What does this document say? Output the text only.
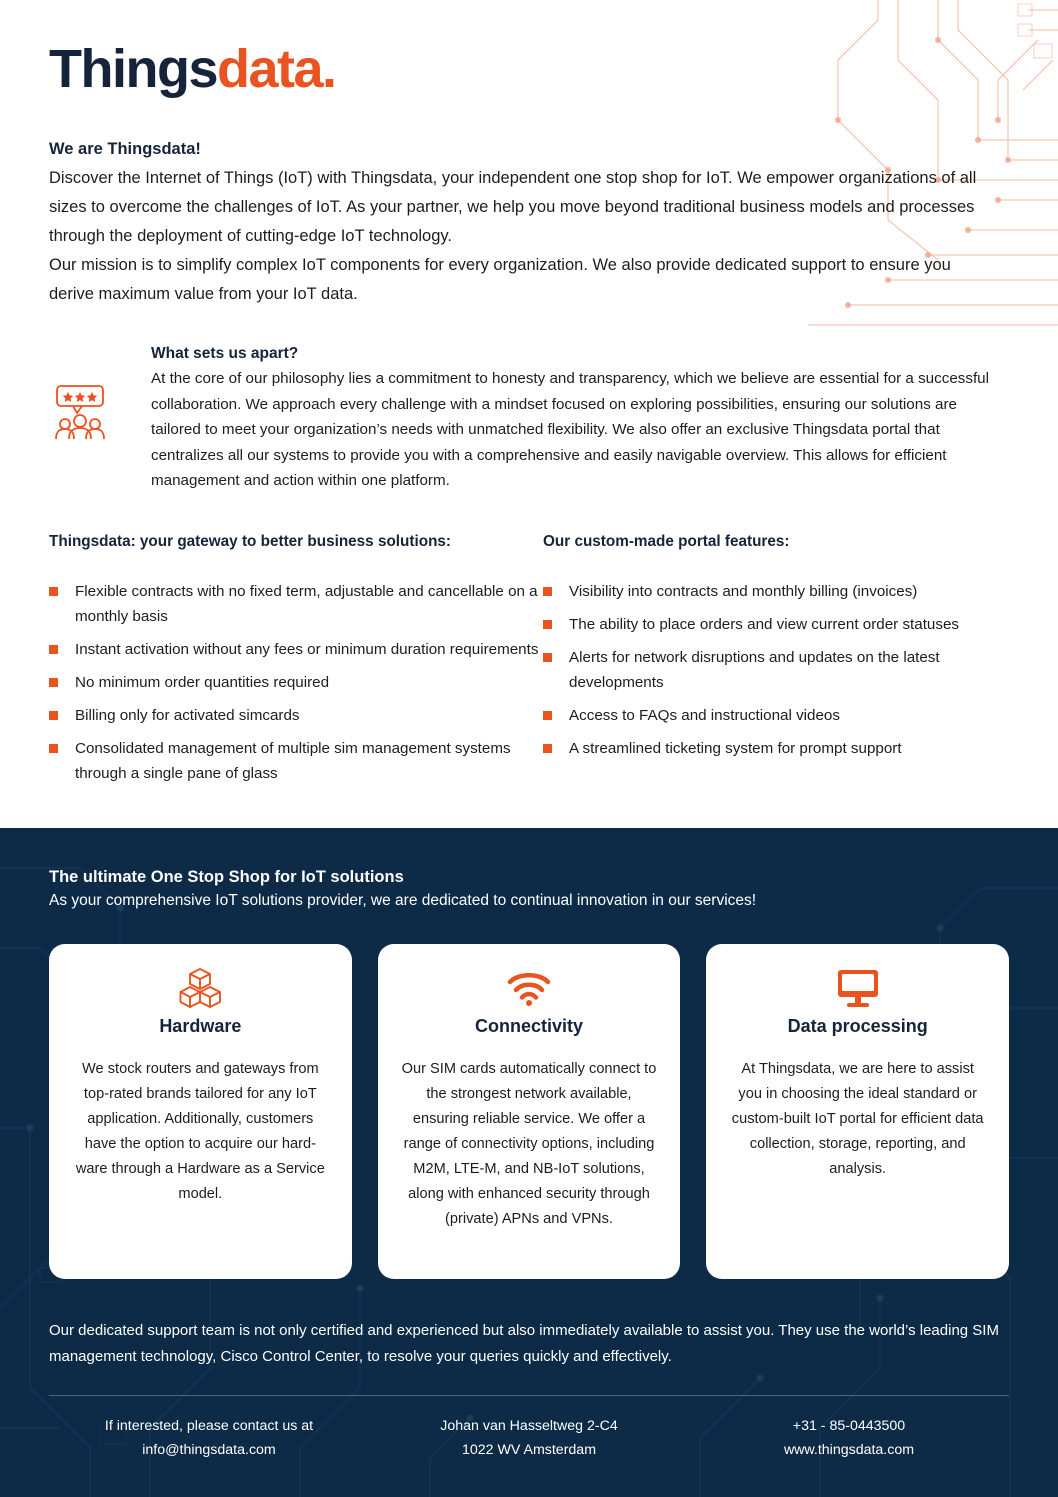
Thingsdata.
We are Thingsdata!

Discover the Internet of Things (IoT) with Thingsdata, your independent one stop shop for IoT. We empower organizations of all sizes to overcome the challenges of IoT. As your partner, we help you move beyond traditional business models and processes through the deployment of cutting-edge IoT technology.

Our mission is to simplify complex IoT components for every organization. We also provide dedicated support to ensure you derive maximum value from your IoT data.

What sets us apart?

At the core of our philosophy lies a commitment to honesty and transparency, which we believe are essential for a successful collaboration. We approach every challenge with a mindset focused on exploring possibilities, ensuring our solutions are tailored to meet your organization’s needs with unmatched flexibility. We also offer an exclusive Thingsdata portal that centralizes all our systems to provide you with a comprehensive and easily navigable overview. This allows for efficient management and action within one platform.

Thingsdata: your gateway to better business solutions:
Flexible contracts with no fixed term, adjustable and cancellable on a monthly basis
Instant activation without any fees or minimum duration requirements
No minimum order quantities required
Billing only for activated simcards
Consolidated management of multiple sim management systems through a single pane of glass
Our custom-made portal features:
Visibility into contracts and monthly billing (invoices)
The ability to place orders and view current order statuses
Alerts for network disruptions and updates on the latest developments
Access to FAQs and instructional videos
A streamlined ticketing system for prompt support
The ultimate One Stop Shop for IoT solutions
As your comprehensive IoT solutions provider, we are dedicated to continual innovation in our services!
Hardware

We stock routers and gateways from top-rated brands tailored for any IoT application. Additionally, customers have the option to acquire our hard-ware through a Hardware as a Service model.

Connectivity

Our SIM cards automatically connect to the strongest network available, ensuring reliable service. We offer a range of connectivity options, including M2M, LTE-M, and NB-IoT solutions, along with enhanced security through (private) APNs and VPNs.

Data processing

At Thingsdata, we are here to assist you in choosing the ideal standard or custom-built IoT portal for efficient data collection, storage, reporting, and analysis.

Our dedicated support team is not only certified and experienced but also immediately available to assist you. They use the world’s leading SIM management technology, Cisco Control Center, to resolve your queries quickly and effectively.
If interested, please contact us at
info@thingsdata.com
Johan van Hasseltweg 2-C4
1022 WV Amsterdam
+31 - 85-0443500
www.thingsdata.com
